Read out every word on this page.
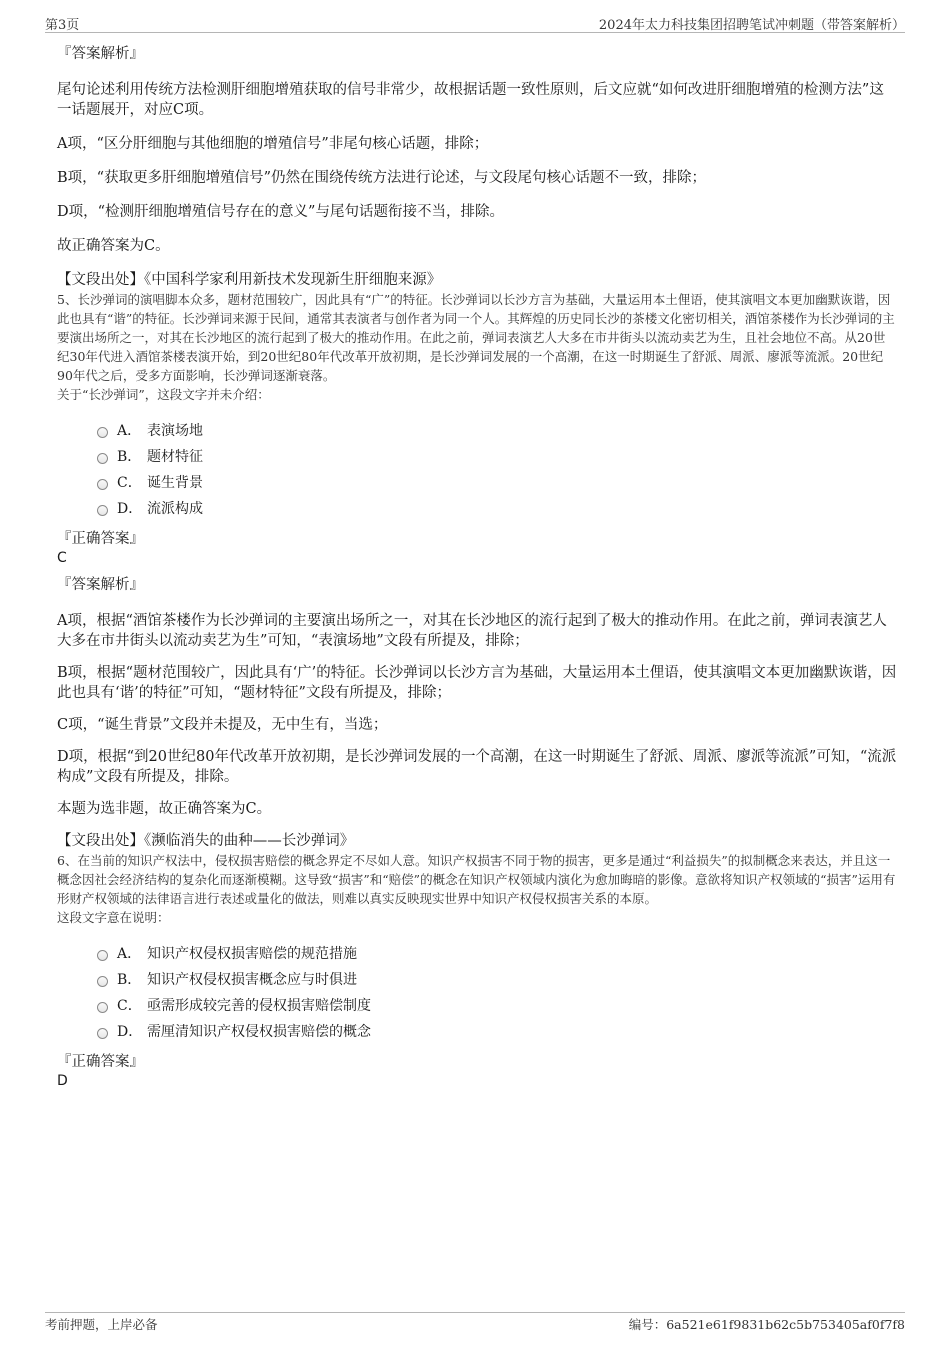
第3页	2024年太力科技集团招聘笔试冲刺题（带答案解析）

『答案解析』

尾句论述利用传统方法检测肝细胞增殖获取的信号非常少，故根据话题一致性原则，后文应就“如何改进肝细胞增殖的检测方法”这一话题展开，对应C项。

A项，“区分肝细胞与其他细胞的增殖信号”非尾句核心话题，排除；

B项，“获取更多肝细胞增殖信号”仍然在围绕传统方法进行论述，与文段尾句核心话题不一致，排除；

D项，“检测肝细胞增殖信号存在的意义”与尾句话题衔接不当，排除。

故正确答案为C。

【文段出处】《中国科学家利用新技术发现新生肝细胞来源》

5、长沙弹词的演唱脚本众多，题材范围较广，因此具有“广”的特征。长沙弹词以长沙方言为基础，大量运用本土俚语，使其演唱文本更加幽默诙谐，因此也具有“谐”的特征。长沙弹词来源于民间，通常其表演者与创作者为同一个人。其辉煌的历史同长沙的茶楼文化密切相关，酒馆茶楼作为长沙弹词的主要演出场所之一，对其在长沙地区的流行起到了极大的推动作用。在此之前，弹词表演艺人大多在市井街头以流动卖艺为生，且社会地位不高。从20世纪30年代进入酒馆茶楼表演开始，到20世纪80年代改革开放初期，是长沙弹词发展的一个高潮，在这一时期诞生了舒派、周派、廖派等流派。20世纪90年代之后，受多方面影响，长沙弹词逐渐衰落。

关于“长沙弹词”，这段文字并未介绍：

A． 表演场地
B． 题材特征
C． 诞生背景
D． 流派构成

『正确答案』

C

『答案解析』

A项，根据“酒馆茶楼作为长沙弹词的主要演出场所之一，对其在长沙地区的流行起到了极大的推动作用。在此之前，弹词表演艺人大多在市井街头以流动卖艺为生”可知，“表演场地”文段有所提及，排除；

B项，根据“题材范围较广，因此具有‘广’的特征。长沙弹词以长沙方言为基础，大量运用本土俚语，使其演唱文本更加幽默诙谐，因此也具有‘谐’的特征”可知，“题材特征”文段有所提及，排除；

C项，“诞生背景”文段并未提及，无中生有，当选；

D项，根据“到20世纪80年代改革开放初期，是长沙弹词发展的一个高潮，在这一时期诞生了舒派、周派、廖派等流派”可知，“流派构成”文段有所提及，排除。

本题为选非题，故正确答案为C。

【文段出处】《濒临消失的曲种——长沙弹词》

6、在当前的知识产权法中，侵权损害赔偿的概念界定不尽如人意。知识产权损害不同于物的损害，更多是通过“利益损失”的拟制概念来表达，并且这一概念因社会经济结构的复杂化而逐渐模糊。这导致“损害”和“赔偿”的概念在知识产权领域内演化为愈加晦暗的影像。意欲将知识产权领域的“损害”运用有形财产权领域的法律语言进行表述或量化的做法，则难以真实反映现实世界中知识产权侵权损害关系的本原。

这段文字意在说明：

A． 知识产权侵权损害赔偿的规范措施
B． 知识产权侵权损害概念应与时俱进
C． 亟需形成较完善的侵权损害赔偿制度
D． 需厘清知识产权侵权损害赔偿的概念

『正确答案』

D

考前押题，上岸必备	编号：6a521e61f9831b62c5b753405af0f7f8
